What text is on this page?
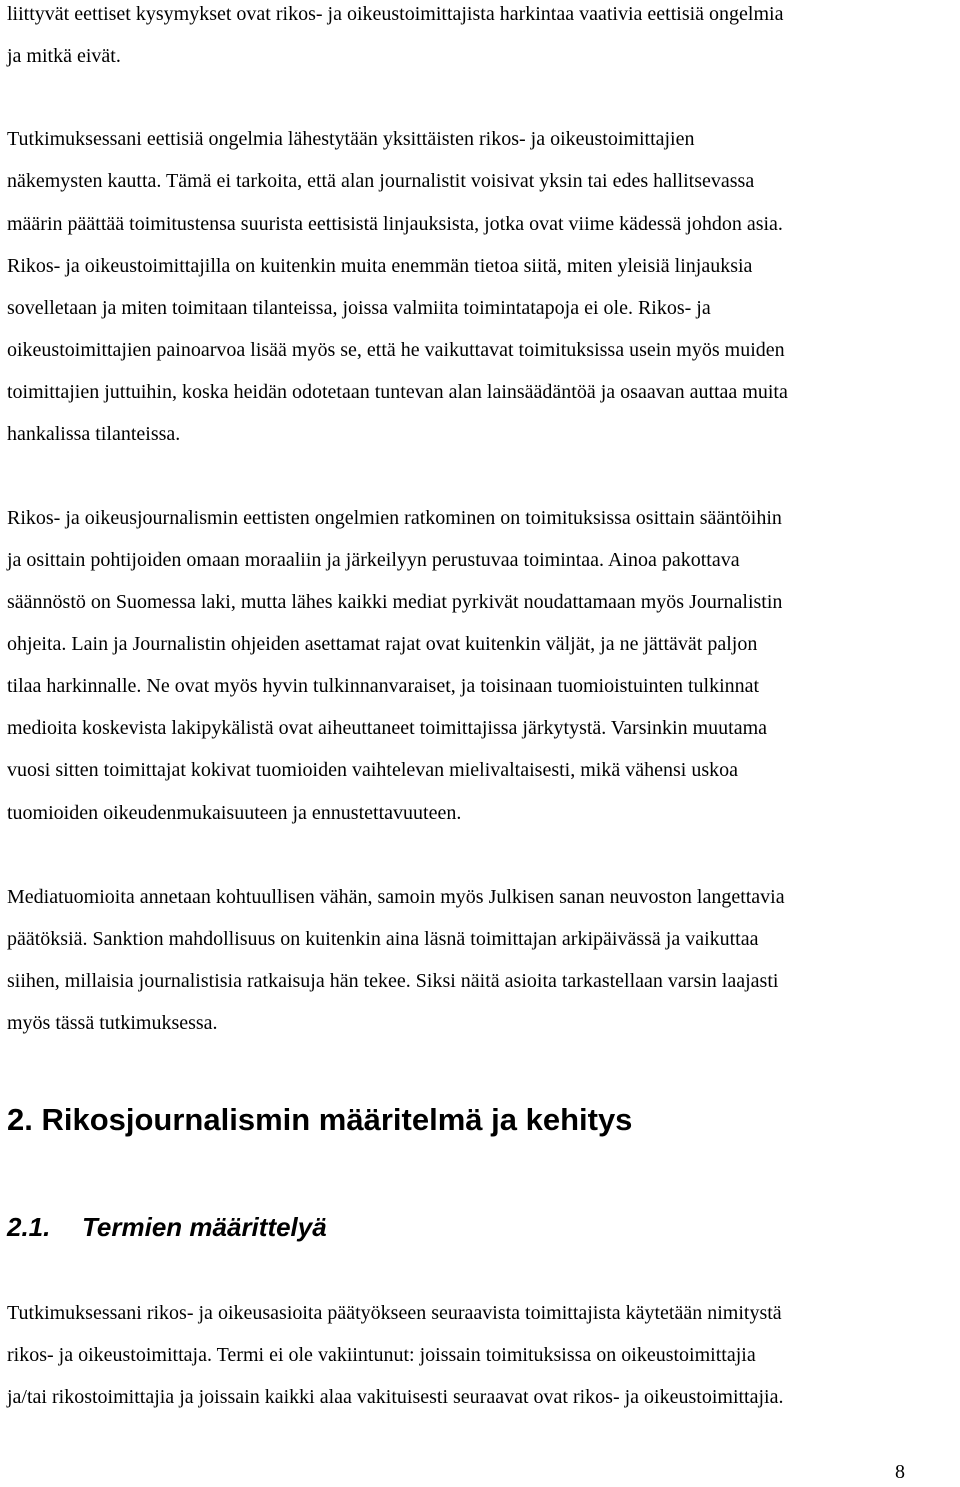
liittyvät eettiset kysymykset ovat rikos- ja oikeustoimittajista harkintaa vaativia eettisiä ongelmia
ja mitkä eivät.
Tutkimuksessani eettisiä ongelmia lähestytään yksittäisten rikos- ja oikeustoimittajien
näkemysten kautta. Tämä ei tarkoita, että alan journalistit voisivat yksin tai edes hallitsevassa
määrin päättää toimitustensa suurista eettisistä linjauksista, jotka ovat viime kädessä johdon asia.
Rikos- ja oikeustoimittajilla on kuitenkin muita enemmän tietoa siitä, miten yleisiä linjauksia
sovelletaan ja miten toimitaan tilanteissa, joissa valmiita toimintatapoja ei ole. Rikos- ja
oikeustoimittajien painoarvoa lisää myös se, että he vaikuttavat toimituksissa usein myös muiden
toimittajien juttuihin, koska heidän odotetaan tuntevan alan lainsäädäntöä ja osaavan auttaa muita
hankalissa tilanteissa.
Rikos- ja oikeusjournalismin eettisten ongelmien ratkominen on toimituksissa osittain sääntöihin
ja osittain pohtijoiden omaan moraaliin ja järkeilyyn perustuvaa toimintaa. Ainoa pakottava
säännöstö on Suomessa laki, mutta lähes kaikki mediat pyrkivät noudattamaan myös Journalistin
ohjeita. Lain ja Journalistin ohjeiden asettamat rajat ovat kuitenkin väljät, ja ne jättävät paljon
tilaa harkinnalle. Ne ovat myös hyvin tulkinnanvaraiset, ja toisinaan tuomioistuinten tulkinnat
medioita koskevista lakipykälistä ovat aiheuttaneet toimittajissa järkytystä. Varsinkin muutama
vuosi sitten toimittajat kokivat tuomioiden vaihtelevan mielivaltaisesti, mikä vähensi uskoa
tuomioiden oikeudenmukaisuuteen ja ennustettavuuteen.
Mediatuomioita annetaan kohtuullisen vähän, samoin myös Julkisen sanan neuvoston langettavia
päätöksiä. Sanktion mahdollisuus on kuitenkin aina läsnä toimittajan arkipäivässä ja vaikuttaa
siihen, millaisia journalistisia ratkaisuja hän tekee. Siksi näitä asioita tarkastellaan varsin laajasti
myös tässä tutkimuksessa.
2. Rikosjournalismin määritelmä ja kehitys
2.1. Termien määrittelyä
Tutkimuksessani rikos- ja oikeusasioita päätyökseen seuraavista toimittajista käytetään nimitystä
rikos- ja oikeustoimittaja. Termi ei ole vakiintunut: joissain toimituksissa on oikeustoimittajia
ja/tai rikostoimittajia ja joissain kaikki alaa vakituisesti seuraavat ovat rikos- ja oikeustoimittajia.
8
